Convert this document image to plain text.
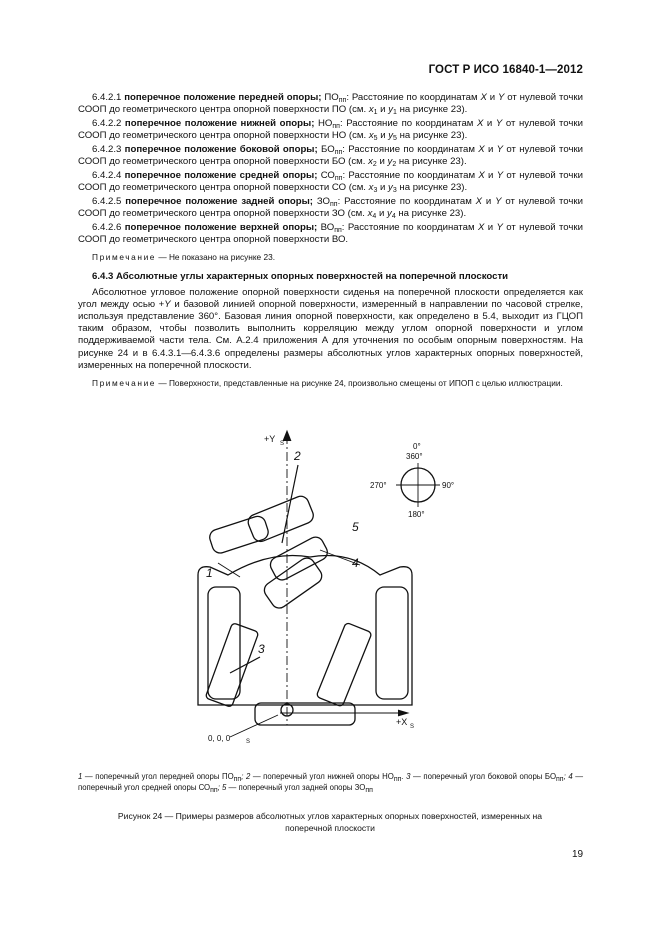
ГОСТ Р ИСО 16840-1—2012

6.4.2.1 поперечное положение передней опоры; $ПО_{пп}$: Расстояние по координатам X и Y от нулевой точки СООП до геометрического центра опорной поверхности ПО (см. $x_1$ и $y_1$ на рисунке 23).

6.4.2.2 поперечное положение нижней опоры; $НО_{пп}$: Расстояние по координатам X и Y от нулевой точки СООП до геометрического центра опорной поверхности НО (см. $x_5$ и $y_5$ на рисунке 23).

6.4.2.3 поперечное положение боковой опоры; $БО_{пп}$: Расстояние по координатам X и Y от нулевой точки СООП до геометрического центра опорной поверхности БО (см. $x_2$ и $y_2$ на рисунке 23).

6.4.2.4 поперечное положение средней опоры; $СО_{пп}$: Расстояние по координатам X и Y от нулевой точки СООП до геометрического центра опорной поверхности СО (см. $x_3$ и $y_3$ на рисунке 23).

6.4.2.5 поперечное положение задней опоры; $ЗО_{пп}$: Расстояние по координатам X и Y от нулевой точки СООП до геометрического центра опорной поверхности ЗО (см. $x_4$ и $y_4$ на рисунке 23).

6.4.2.6 поперечное положение верхней опоры; $ВО_{пп}$: Расстояние по координатам X и Y от нулевой точки СООП до геометрического центра опорной поверхности ВО.

Примечание — Не показано на рисунке 23.

6.4.3 Абсолютные углы характерных опорных поверхностей на поперечной плоскости

Абсолютное угловое положение опорной поверхности сиденья на поперечной плоскости определяется как угол между осью +Y и базовой линией опорной поверхности, измеренный в направлении по часовой стрелке, используя представление 360°. Базовая линия опорной поверхности, как определено в 5.4, выходит из ГЦОП таким образом, чтобы позволить выполнить корреляцию между углом опорной поверхности и углом поддерживаемой части тела. См. А.2.4 приложения А для уточнения по особым опорным поверхностям. На рисунке 24 и в 6.4.3.1—6.4.3.6 определены размеры абсолютных углов характерных опорных поверхностей, измеренных на поперечной плоскости.

Примечание — Поверхности, представленные на рисунке 24, произвольно смещены от ИПОП с целью иллюстрации.

1
2
3
4
5
+Y S
+X S
0, 0, 0	S
0°
360°
270°	90°
180°
1 — поперечный угол передней опоры $ПО_{пп}$; 2 — поперечный угол нижней опоры $НО_{пп}$. 3 — поперечный угол боковой опоры $БО_{пп}$; 4 — поперечный угол средней опоры $СО_{пп}$; 5 — поперечный угол задней опоры $ЗО_{пп}$
Рисунок 24 — Примеры размеров абсолютных углов характерных опорных поверхностей, измеренных на поперечной плоскости
19
